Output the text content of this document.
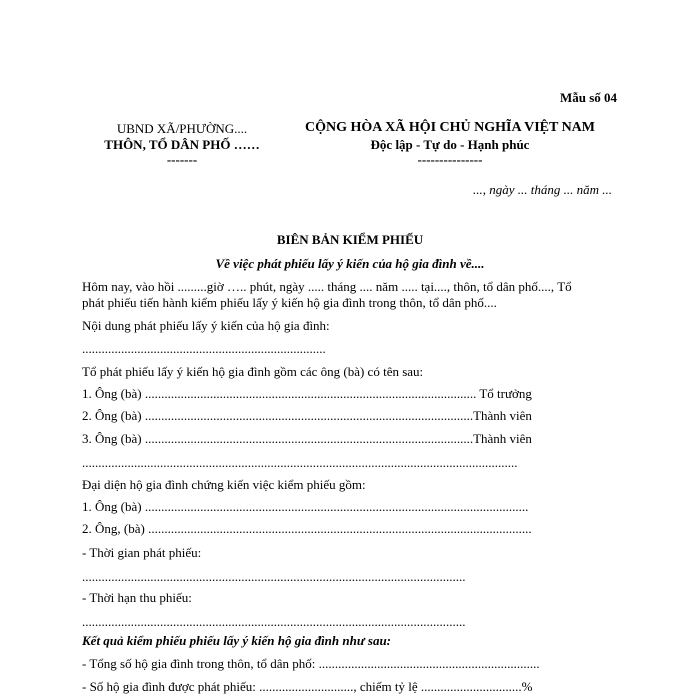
Mẫu số 04
UBND XÃ/PHƯỜNG....
THÔN, TỔ DÂN PHỐ ……
-------
CỘNG HÒA XÃ HỘI CHỦ NGHĨA VIỆT NAM
Độc lập - Tự do - Hạnh phúc
---------------
..., ngày ... tháng ... năm ...
BIÊN BẢN KIỂM PHIẾU
Về việc phát phiếu lấy ý kiến của hộ gia đình về....
Hôm nay, vào hồi .........giờ ….. phút, ngày ..... tháng .... năm ..... tại...., thôn, tổ dân phố...., Tổ
phát phiếu tiến hành kiểm phiếu lấy ý kiến hộ gia đình trong thôn, tổ dân phố....
Nội dung phát phiếu lấy ý kiến của hộ gia đình:
...........................................................................
Tổ phát phiếu lấy ý kiến hộ gia đình gồm các ông (bà) có tên sau:
1. Ông (bà) ...................................................................................................... Tổ trưởng
2. Ông (bà) .....................................................................................................Thành viên
3. Ông (bà) .....................................................................................................Thành viên
......................................................................................................................................
Đại diện hộ gia đình chứng kiến việc kiểm phiếu gồm:
1. Ông (bà) ......................................................................................................................
2. Ông, (bà) ......................................................................................................................
- Thời gian phát phiếu:
......................................................................................................................
- Thời hạn thu phiếu:
......................................................................................................................
Kết quả kiểm phiếu phiếu lấy ý kiến hộ gia đình như sau:
- Tổng số hộ gia đình trong thôn, tổ dân phố: ....................................................................
- Số hộ gia đình được phát phiếu: ............................., chiếm tỷ lệ ...............................%
